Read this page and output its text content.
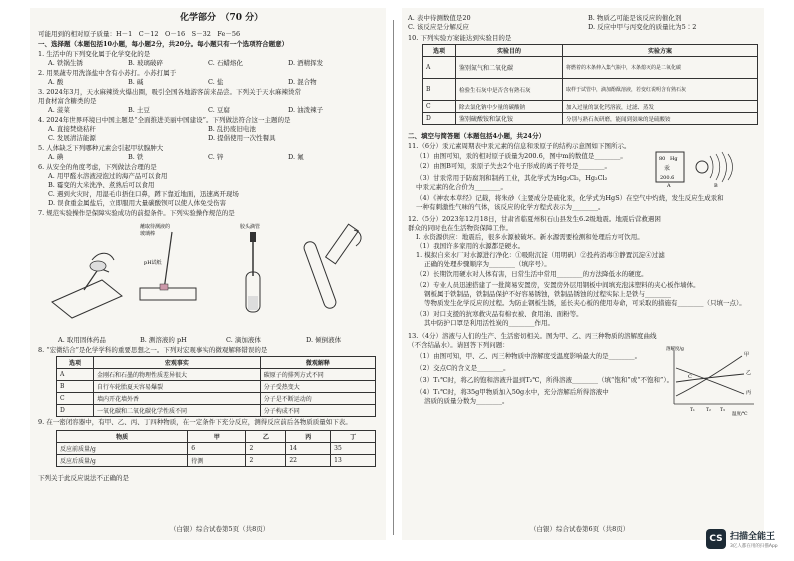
化学部分　（70 分）
可能用到的相对原子质量：H－1　C－12　O－16　S－32　Fe－56
一、选择题（本题包括10小题，每小题2分，共20分。每小题只有一个选项符合题意）
1. 生活中的下列变化属于化学变化的是
A. 铁锅生锈	B. 玻璃破碎	C. 石蜡熔化	D. 酒精挥发
2. 用果蔬专用洗涤盐中含有小苏打。小苏打属于
A. 酸	B. 碱	C. 盐	D. 混合物
3. 2024年3月，天水麻辣烫火爆出圈，吸引全国各地游客前来品尝。下列关于天水麻辣烫常
用食材富含糖类的是
A. 菠菜	B. 土豆	C. 豆腐	D. 油泼辣子
4. 2024年世界环境日中国主题是“全面推进美丽中国建设”。下列做法符合这一主题的是
A. 直接焚烧秸秆	B. 乱扔废旧电池
C. 发展清洁能源	D. 提倡使用一次性餐具
5. 人体缺乏下列哪种元素会引起甲状腺肿大
A. 碘	B. 铁	C. 锌	D. 氟
6. 从安全的角度考虑，下列做法合理的是
A. 用甲醛水溶液浸泡过的海产品可以食用
B. 霉变的大米洗净、煮熟后可以食用
C. 遇到火灾时，用湿毛巾捂住口鼻，蹲下靠近地面，迅速离开现场
D. 误食重金属盐后，立即服用大量碳酸钡可以使人体免受伤害
7. 规范实验操作是保障实验成功的前提条件。下列实验操作规范的是
蘸取待测液的
玻璃棒
pH试纸
胶头滴管
A. 取用固体药品	B. 测溶液的 pH	C. 滴加液体	D. 倾倒液体
8. “宏微结合”是化学学科的重要思想之一。下列对宏观事实的微观解释错误的是
选项	宏观事实	微观解释
A	金刚石和石墨的物理性质差异很大	碳原子的排列方式不同
B	自行车轮胎夏天容易爆裂	分子受热变大
C	墙内开花墙外香	分子是不断运动的
D	一氧化碳和二氧化碳化学性质不同	分子构成不同
9. 在一密闭容器中，有甲、乙、丙、丁四种物质，在一定条件下充分反应，测得反应前后各物质质量如下表。
物质	甲	乙	丙	丁
反应前质量/g	6	2	14	35
反应后质量/g	待测	2	22	13
下列关于此反应说法不正确的是
（白银）综合试卷第5页（共8页）
A. 表中待测数值是20	B. 物质乙可能是该反应的催化剂
C. 该反应是分解反应	D. 反应中甲与丙变化的质量比为5∶2
10. 下列实验方案能达到实验目的是
选项	实验目的	实验方案
A	鉴别氮气和二氧化碳	将燃着的木条伸入集气瓶中，木条熄灭的是二氧化碳
B	检验生石灰中是否含有熟石灰	取样于试管中，滴加酚酞溶液，若变红说明含有熟石灰
C	除去氯化钠中少量的碳酸钠	加入过量的氯化钙溶液，过滤、蒸发
D	鉴别硫酸铵和氯化铵	分别与熟石灰研磨，能闻到氨味的是硫酸铵
二、填空与简答题（本题包括4小题，共24分）
11.（6分）汞元素周期表中汞元素的信息和汞原子的结构示意图如下图所示。
（1）由图可知，汞的相对原子质量为200.6，图中m的数值是________。
（2）由图B可知，汞原子失去2个电子形成的离子符号是________。
80 Hg
汞
200.6
A	B
（3）甘汞常用于防腐剂和制药工业，其化学式为Hg₂Cl₂，Hg₂Cl₂
中汞元素的化合价为________。
（4）《神农本草经》记载，将朱砂（主要成分是硫化汞，化学式为HgS）在空气中灼烧，发生反应生成汞和
一种有刺激性气味的气体，该反应的化学方程式表示为________。
12.（5分）2023年12月18日，甘肃省临夏州积石山县发生6.2级地震。地震后营救遇困
群众的同时也在生活物资保障工作。
I. 水资源供应：地震后，很多水源被破坏。新水源需要检测和处理后方可饮用。
（1）我国许多家用的水源都是硬水。
1. 模拟自来水厂对水源进行净化：①吸附沉淀（用明矾）②投药消毒③静置沉淀④过滤
正确的处理步骤顺序为________（填序号）。
（2）长期饮用硬水对人体有害，日常生活中常用________的方法降低水的硬度。
（2）专业人员迅速搭建了一批简易安置房，安置房外层用钢板中间填充泡沫塑料的夹心板作墙体。
钢板属于铁制品，铁制品保护不好容易锈蚀，铁制品锈蚀的过程实际上是铁与________
等物质发生化学反应的过程。为防止钢板生锈，延长夹心板的使用寿命，可采取的措施有________（只填一点）。
（3）对口支援的抗寒救灾品有棉衣被、食用油、面粉等。
其中防护口罩是利用活性炭的________作用。
13.（4分）溶液与人们的生产、生活密切相关。图为甲、乙、丙三种物质的溶解度曲线
（不含结晶水）。请回答下列问题：
（1）由图可知，甲、乙、丙三种物质中溶解度受温度影响最大的是________。
（2）交点C的含义是________。
（3）T₁℃时，将乙的饱和溶液升温到T₂℃，所得溶液________（填“饱和”或“不饱和”）。
（4）T₁℃时，将35g甲物质加入50g水中，充分溶解后所得溶液中
溶质的质量分数为________。
溶解度/g
甲
乙
丙
C
T₁ T₂ T₃
温度/℃
（白银）综合试卷第6页（共8页）
CS 扫描全能王
3亿人都在用的扫描App
